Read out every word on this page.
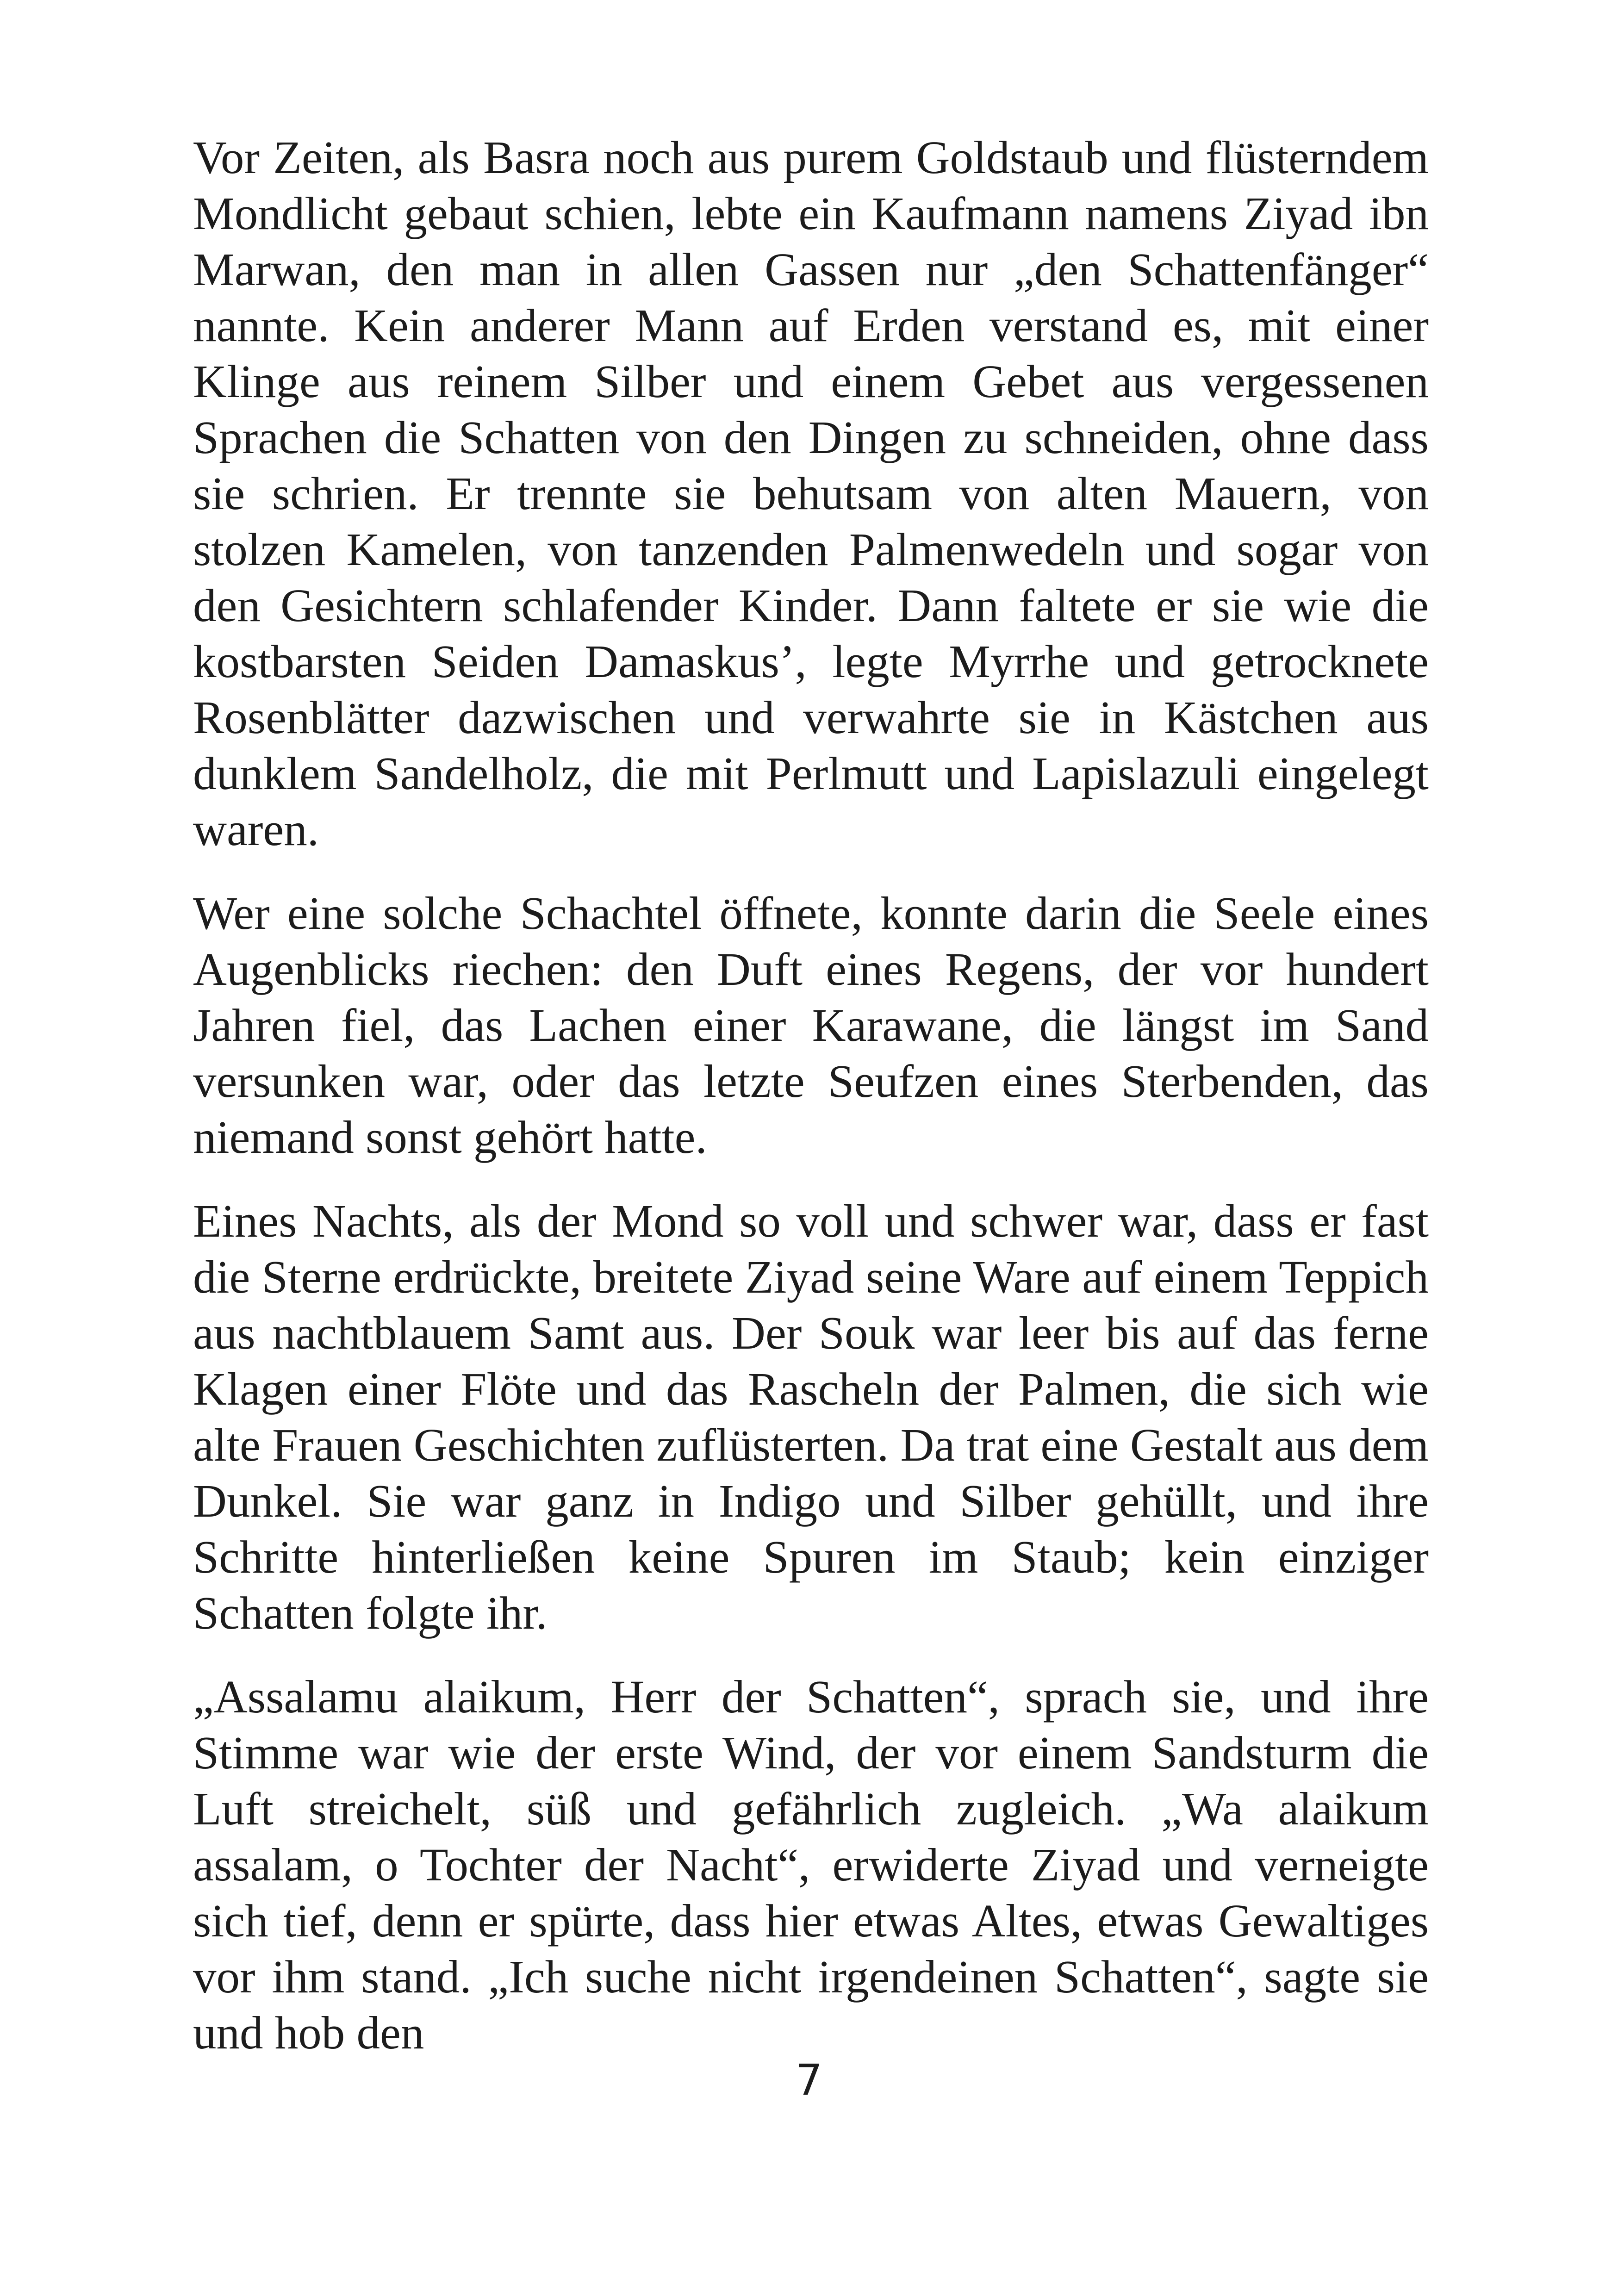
Vor Zeiten, als Basra noch aus purem Goldstaub und flüsterndem Mondlicht gebaut schien, lebte ein Kaufmann namens Ziyad ibn Marwan, den man in allen Gassen nur „den Schattenfänger“ nannte. Kein anderer Mann auf Erden verstand es, mit einer Klinge aus reinem Silber und einem Gebet aus vergessenen Sprachen die Schatten von den Dingen zu schneiden, ohne dass sie schrien. Er trennte sie behutsam von alten Mauern, von stolzen Kamelen, von tanzenden Palmenwedeln und sogar von den Gesichtern schlafender Kinder. Dann faltete er sie wie die kostbarsten Seiden Damaskus’, legte Myrrhe und getrocknete Rosenblätter dazwischen und verwahrte sie in Kästchen aus dunklem Sandelholz, die mit Perlmutt und Lapislazuli eingelegt waren.

Wer eine solche Schachtel öffnete, konnte darin die Seele eines Augenblicks riechen: den Duft eines Regens, der vor hundert Jahren fiel, das Lachen einer Karawane, die längst im Sand versunken war, oder das letzte Seufzen eines Sterbenden, das niemand sonst gehört hatte.

Eines Nachts, als der Mond so voll und schwer war, dass er fast die Sterne erdrückte, breitete Ziyad seine Ware auf einem Teppich aus nachtblauem Samt aus. Der Souk war leer bis auf das ferne Klagen einer Flöte und das Rascheln der Palmen, die sich wie alte Frauen Geschichten zuflüsterten. Da trat eine Gestalt aus dem Dunkel. Sie war ganz in Indigo und Silber gehüllt, und ihre Schritte hinterließen keine Spuren im Staub; kein einziger Schatten folgte ihr.

„Assalamu alaikum, Herr der Schatten“, sprach sie, und ihre Stimme war wie der erste Wind, der vor einem Sandsturm die Luft streichelt, süß und gefährlich zugleich. „Wa alaikum assalam, o Tochter der Nacht“, erwiderte Ziyad und verneigte sich tief, denn er spürte, dass hier etwas Altes, etwas Gewaltiges vor ihm stand. „Ich suche nicht irgendeinen Schatten“, sagte sie und hob den

7
